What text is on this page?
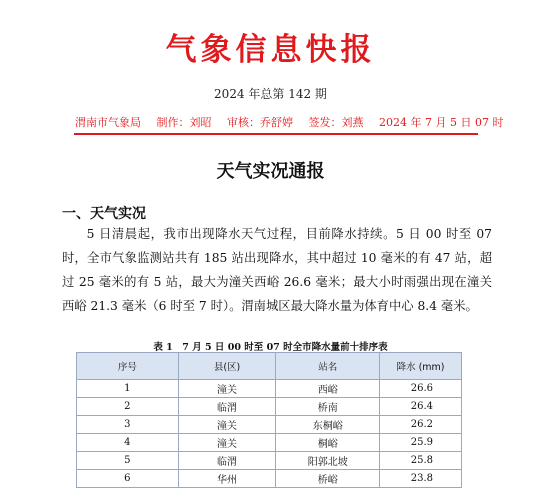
气象信息快报
2024 年总第 142 期
渭南市气象局 制作：刘昭 审核：乔舒婷 签发：刘燕 2024 年 7 月 5 日 07 时
天气实况通报
一、天气实况

5 日清晨起，我市出现降水天气过程，目前降水持续。5 日 00 时至 07 时，全市气象监测站共有 185 站出现降水，其中超过 10 毫米的有 47 站，超过 25 毫米的有 5 站，最大为潼关西峪 26.6 毫米；最大小时雨强出现在潼关西峪 21.3 毫米（6 时至 7 时）。渭南城区最大降水量为体育中心 8.4 毫米。

表 1　7 月 5 日 00 时至 07 时全市降水量前十排序表
序号	县(区)	站名	降水 (mm)
1	潼关	西峪	26.6
2	临渭	桥南	26.4
3	潼关	东桐峪	26.2
4	潼关	桐峪	25.9
5	临渭	阳郭北坡	25.8
6	华州	桥峪	23.8
